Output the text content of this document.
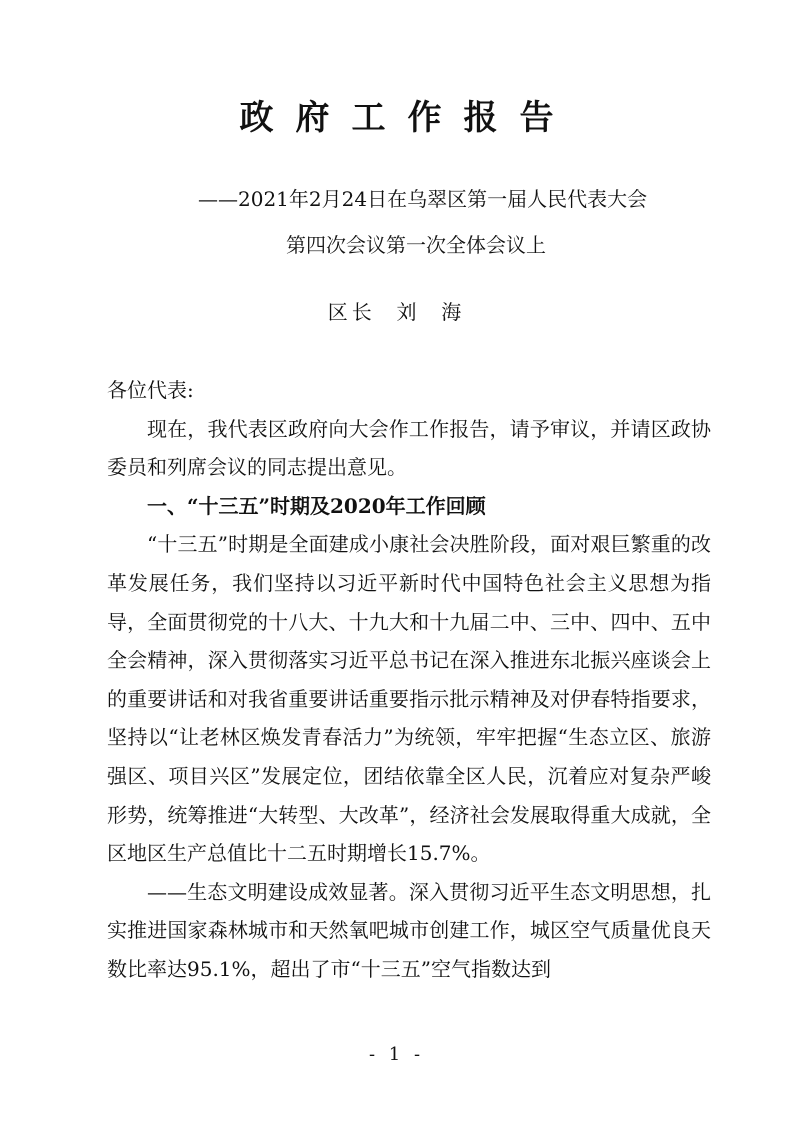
政府工作报告
——2021年2月24日在乌翠区第一届人民代表大会
第四次会议第一次全体会议上
区长  刘  海

各位代表:

现在，我代表区政府向大会作工作报告，请予审议，并请区政协委员和列席会议的同志提出意见。

一、“十三五”时期及2020年工作回顾

“十三五”时期是全面建成小康社会决胜阶段，面对艰巨繁重的改革发展任务，我们坚持以习近平新时代中国特色社会主义思想为指导，全面贯彻党的十八大、十九大和十九届二中、三中、四中、五中全会精神，深入贯彻落实习近平总书记在深入推进东北振兴座谈会上的重要讲话和对我省重要讲话重要指示批示精神及对伊春特指要求，坚持以“让老林区焕发青春活力”为统领，牢牢把握“生态立区、旅游强区、项目兴区”发展定位，团结依靠全区人民，沉着应对复杂严峻形势，统筹推进“大转型、大改革”，经济社会发展取得重大成就，全区地区生产总值比十二五时期增长15.7%。

——生态文明建设成效显著。深入贯彻习近平生态文明思想，扎实推进国家森林城市和天然氧吧城市创建工作，城区空气质量优良天数比率达95.1%，超出了市“十三五”空气指数达到

- 1 -
